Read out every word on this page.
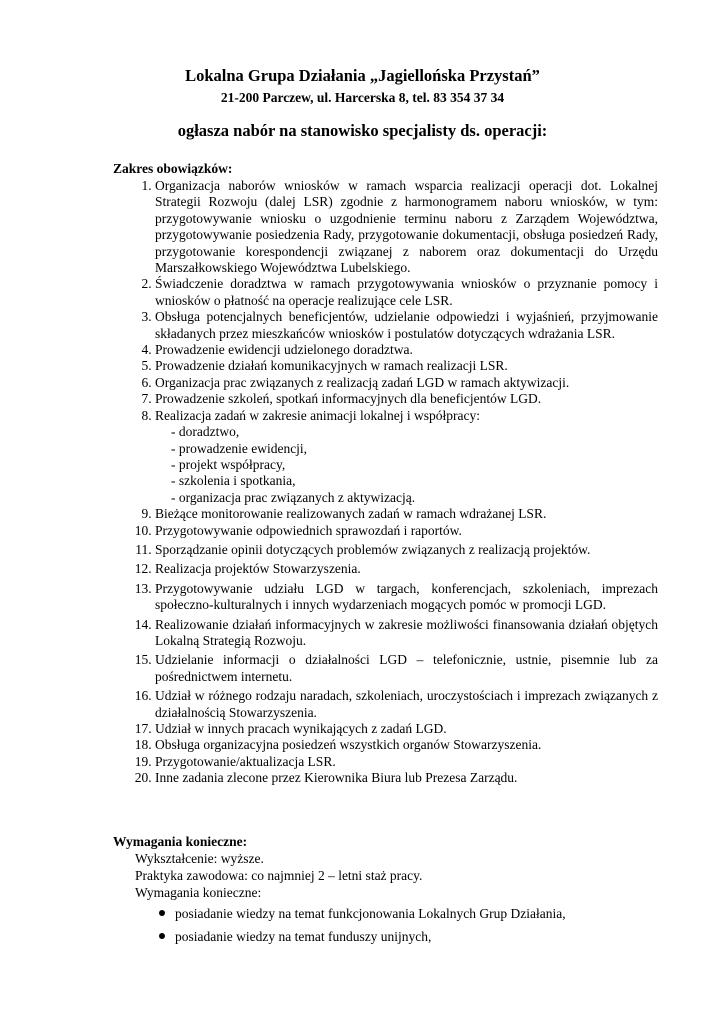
Lokalna Grupa Działania „Jagiellońska Przystań”
21-200 Parczew, ul. Harcerska 8, tel. 83 354 37 34
ogłasza nabór na stanowisko specjalisty ds. operacji:
Zakres obowiązków:
1. Organizacja naborów wniosków w ramach wsparcia realizacji operacji dot. Lokalnej Strategii Rozwoju (dalej LSR) zgodnie z harmonogramem naboru wniosków, w tym: przygotowywanie wniosku o uzgodnienie terminu naboru z Zarządem Województwa, przygotowywanie posiedzenia Rady, przygotowanie dokumentacji, obsługa posiedzeń Rady, przygotowanie korespondencji związanej z naborem oraz dokumentacji do Urzędu Marszałkowskiego Województwa Lubelskiego.
2. Świadczenie doradztwa w ramach przygotowywania wniosków o przyznanie pomocy i wniosków o płatność na operacje realizujące cele LSR.
3. Obsługa potencjalnych beneficjentów, udzielanie odpowiedzi i wyjaśnień, przyjmowanie składanych przez mieszkańców wniosków i postulatów dotyczących wdrażania LSR.
4. Prowadzenie ewidencji udzielonego doradztwa.
5. Prowadzenie działań komunikacyjnych w ramach realizacji LSR.
6. Organizacja prac związanych z realizacją zadań LGD w ramach aktywizacji.
7. Prowadzenie szkoleń, spotkań informacyjnych dla beneficjentów LGD.
8. Realizacja zadań w zakresie animacji lokalnej i współpracy:
- doradztwo,
- prowadzenie ewidencji,
- projekt współpracy,
- szkolenia i spotkania,
- organizacja prac związanych z aktywizacją.
9. Bieżące monitorowanie realizowanych zadań w ramach wdrażanej LSR.
10. Przygotowywanie odpowiednich sprawozdań i raportów.
11. Sporządzanie opinii dotyczących problemów związanych z realizacją projektów.
12. Realizacja projektów Stowarzyszenia.
13. Przygotowywanie udziału LGD w targach, konferencjach, szkoleniach, imprezach społeczno-kulturalnych i innych wydarzeniach mogących pomóc w promocji LGD.
14. Realizowanie działań informacyjnych w zakresie możliwości finansowania działań objętych Lokalną Strategią Rozwoju.
15. Udzielanie informacji o działalności LGD – telefonicznie, ustnie, pisemnie lub za pośrednictwem internetu.
16. Udział w różnego rodzaju naradach, szkoleniach, uroczystościach i imprezach związanych z działalnością Stowarzyszenia.
17. Udział w innych pracach wynikających z zadań LGD.
18. Obsługa organizacyjna posiedzeń wszystkich organów Stowarzyszenia.
19. Przygotowanie/aktualizacja LSR.
20. Inne zadania zlecone przez Kierownika Biura lub Prezesa Zarządu.
Wymagania konieczne:
Wykształcenie: wyższe.
Praktyka zawodowa: co najmniej 2 – letni staż pracy.
Wymagania konieczne:
posiadanie wiedzy na temat funkcjonowania Lokalnych Grup Działania,
posiadanie wiedzy na temat funduszy unijnych,
